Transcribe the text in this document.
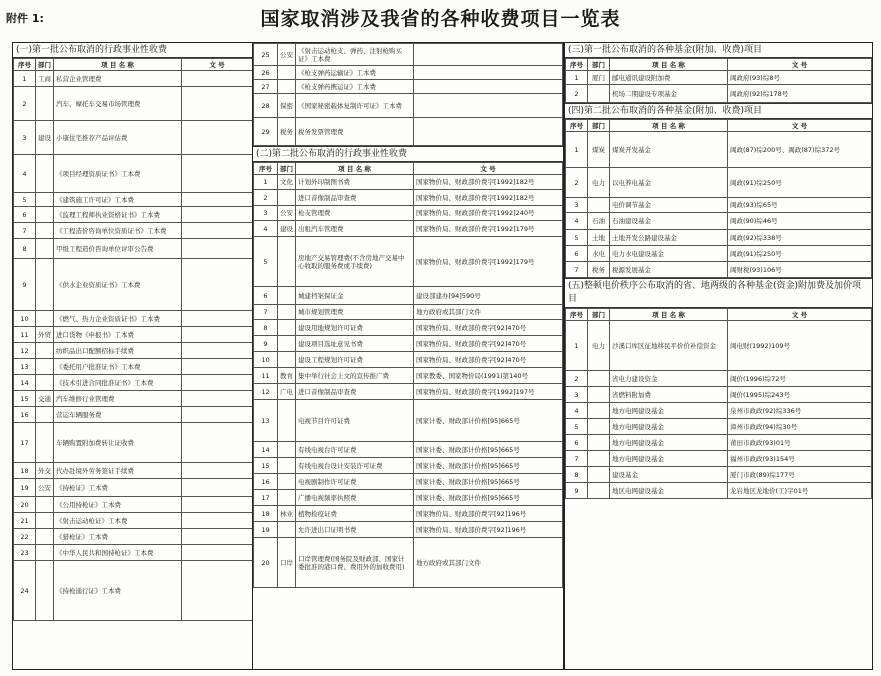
附件 1:	国家取消涉及我省的各种收费项目一览表
(一)第一批公布取消的行政事业性收费
序号	部门	项 目 名 称	文 号
1	工商	私营企业管理费	
2		汽车、摩托车交易市场管理费	
3	建设	小康住宅推荐产品评估费	
4		《项目经理资质证书》工本费	
5		《建筑施工许可证》工本费	
6		《监理工程师执业资格证书》工本费	
7		《工程造价咨询单位资质证书》工本费	
8		甲级工程造价咨询单位评审公告费	
9		《供水企业资质证书》工本费	
10		《燃气、热力企业资质证书》工本费	
11	外贸	进口货物《申报书》工本费	
12		纺织品出口配额招标手续费	
13		《委托用户批准证书》工本费	
14		《技术引进合同批准证书》工本费	
15	交通	汽车维修行业管理费	
16		营运车辆服务费	
17		车辆购置附加费转让证收费	
18	外交	代办赴境外劳务签证手续费	
19	公安	《持枪证》工本费	
20		《公用持枪证》工本费	
21		《射击运动枪证》工本费	
22		《猎枪证》工本费	
23		《中华人民共和国持枪证》工本费	
24		《持枪通行证》工本费	
25	公安	《射击运动枪支、弹药、注射枪购买证》工本费	
26		《枪支弹药运输证》工本费	
27		《枪支弹药携运证》工本费	
28	保密	《国家秘密载体复制许可证》工本费	
29	税务	税务发票管理费	
(二)第二批公布取消的行政事业性收费
序号	部门	项 目 名 称	文 号
1	文化	计划外印制图书费	国家物价局、财政部价费字[1992]182号
2		进口音像制品审查费	国家物价局、财政部价费字[1992]182号
3	公安	枪支管理费	国家物价局、财政部价费字[1992]240号
4	建设	出租汽车管理费	国家物价局、财政部价费字[1992]179号
5		房地产交易管理费(不含房地产交易中心收取的服务费或手续费)	国家物价局、财政部价费字[1992]179号
6		城建档案保证金	建设部建办[94]590号
7		城市规划管理费	地方政府或其部门文件
8		建设用地规划许可证费	国家物价局、财政部价费字[92]470号
9		建设项目选址意见书费	国家物价局、财政部价费字[92]470号
10		建设工程规划许可证费	国家物价局、财政部价费字[92]470号
11	教育	集中举行社会上文的宣传推广费	国家教委、国家物价局(1991)第140号
12	广电	进口音像制品审查费	国家物价局、财政部价费字[1992]197号
13		电视节目许可证费	国家计委、财政部计价格[95]665号
14		有线电视台许可证费	国家计委、财政部计价格[95]665号
15		有线电视台设计安装许可证费	国家计委、财政部计价格[95]665号
16		电视剧制作许可证费	国家计委、财政部计价格[95]665号
17		广播电视频率执照费	国家计委、财政部计价格[95]665号
18	林业	植物检疫证费	国家物价局、财政部价费字[92]196号
19		允许进出口证明书费	国家物价局、财政部价费字[92]196号
20	口岸	口岸管理费(国务院及财政部、国家计委批准的港口费、费用外的加收费用)	地方政府或其部门文件
(三)第一批公布取消的各种基金(附加、收费)项目
序号	部门	项 目 名 称	文 号
1	厦门	邮电通讯建设附加费	闽政府(93)综8号
2		机场二期建设专项基金	闽政府(92)综178号
(四)第二批公布取消的各种基金(附加、收费)项目
序号	部门	项 目 名 称	文 号
1	煤炭	煤炭开发基金	闽政(87)综200号、闽政(87)综372号
2	电力	以电养电基金	闽政(91)综250号
3		电价调节基金	闽政(93)综65号
4	石油	石油建设基金	闽政(90)综46号
5	土地	土地开发公路建设基金	闽政(92)综338号
6	水电	电力水电建设基金	闽政(91)综250号
7	税务	税源发展基金	闽财税(93)106号
(五)整顿电价秩序公布取消的省、地两级的各种基金(资金)附加费及加价项目
序号	部门	项 目 名 称	文 号
1	电力	沙溪口库区征地移民平价价补偿资金	闽电财(1992)109号
2		省电力建设资金	闽价(1996)综72号
3		省燃料附加费	闽价(1995)综243号
4		地方电网建设基金	泉州市政政(92)综336号
5		地方电网建设基金	漳州市政政(94)综30号
6		地方电网建设基金	莆田市政政(93)01号
7		地方电网建设基金	福州市政政(93)154号
8		建设基金	厦门市政(89)综177号
9		地区电网建设基金	龙岩地区龙地价(工)字01号
